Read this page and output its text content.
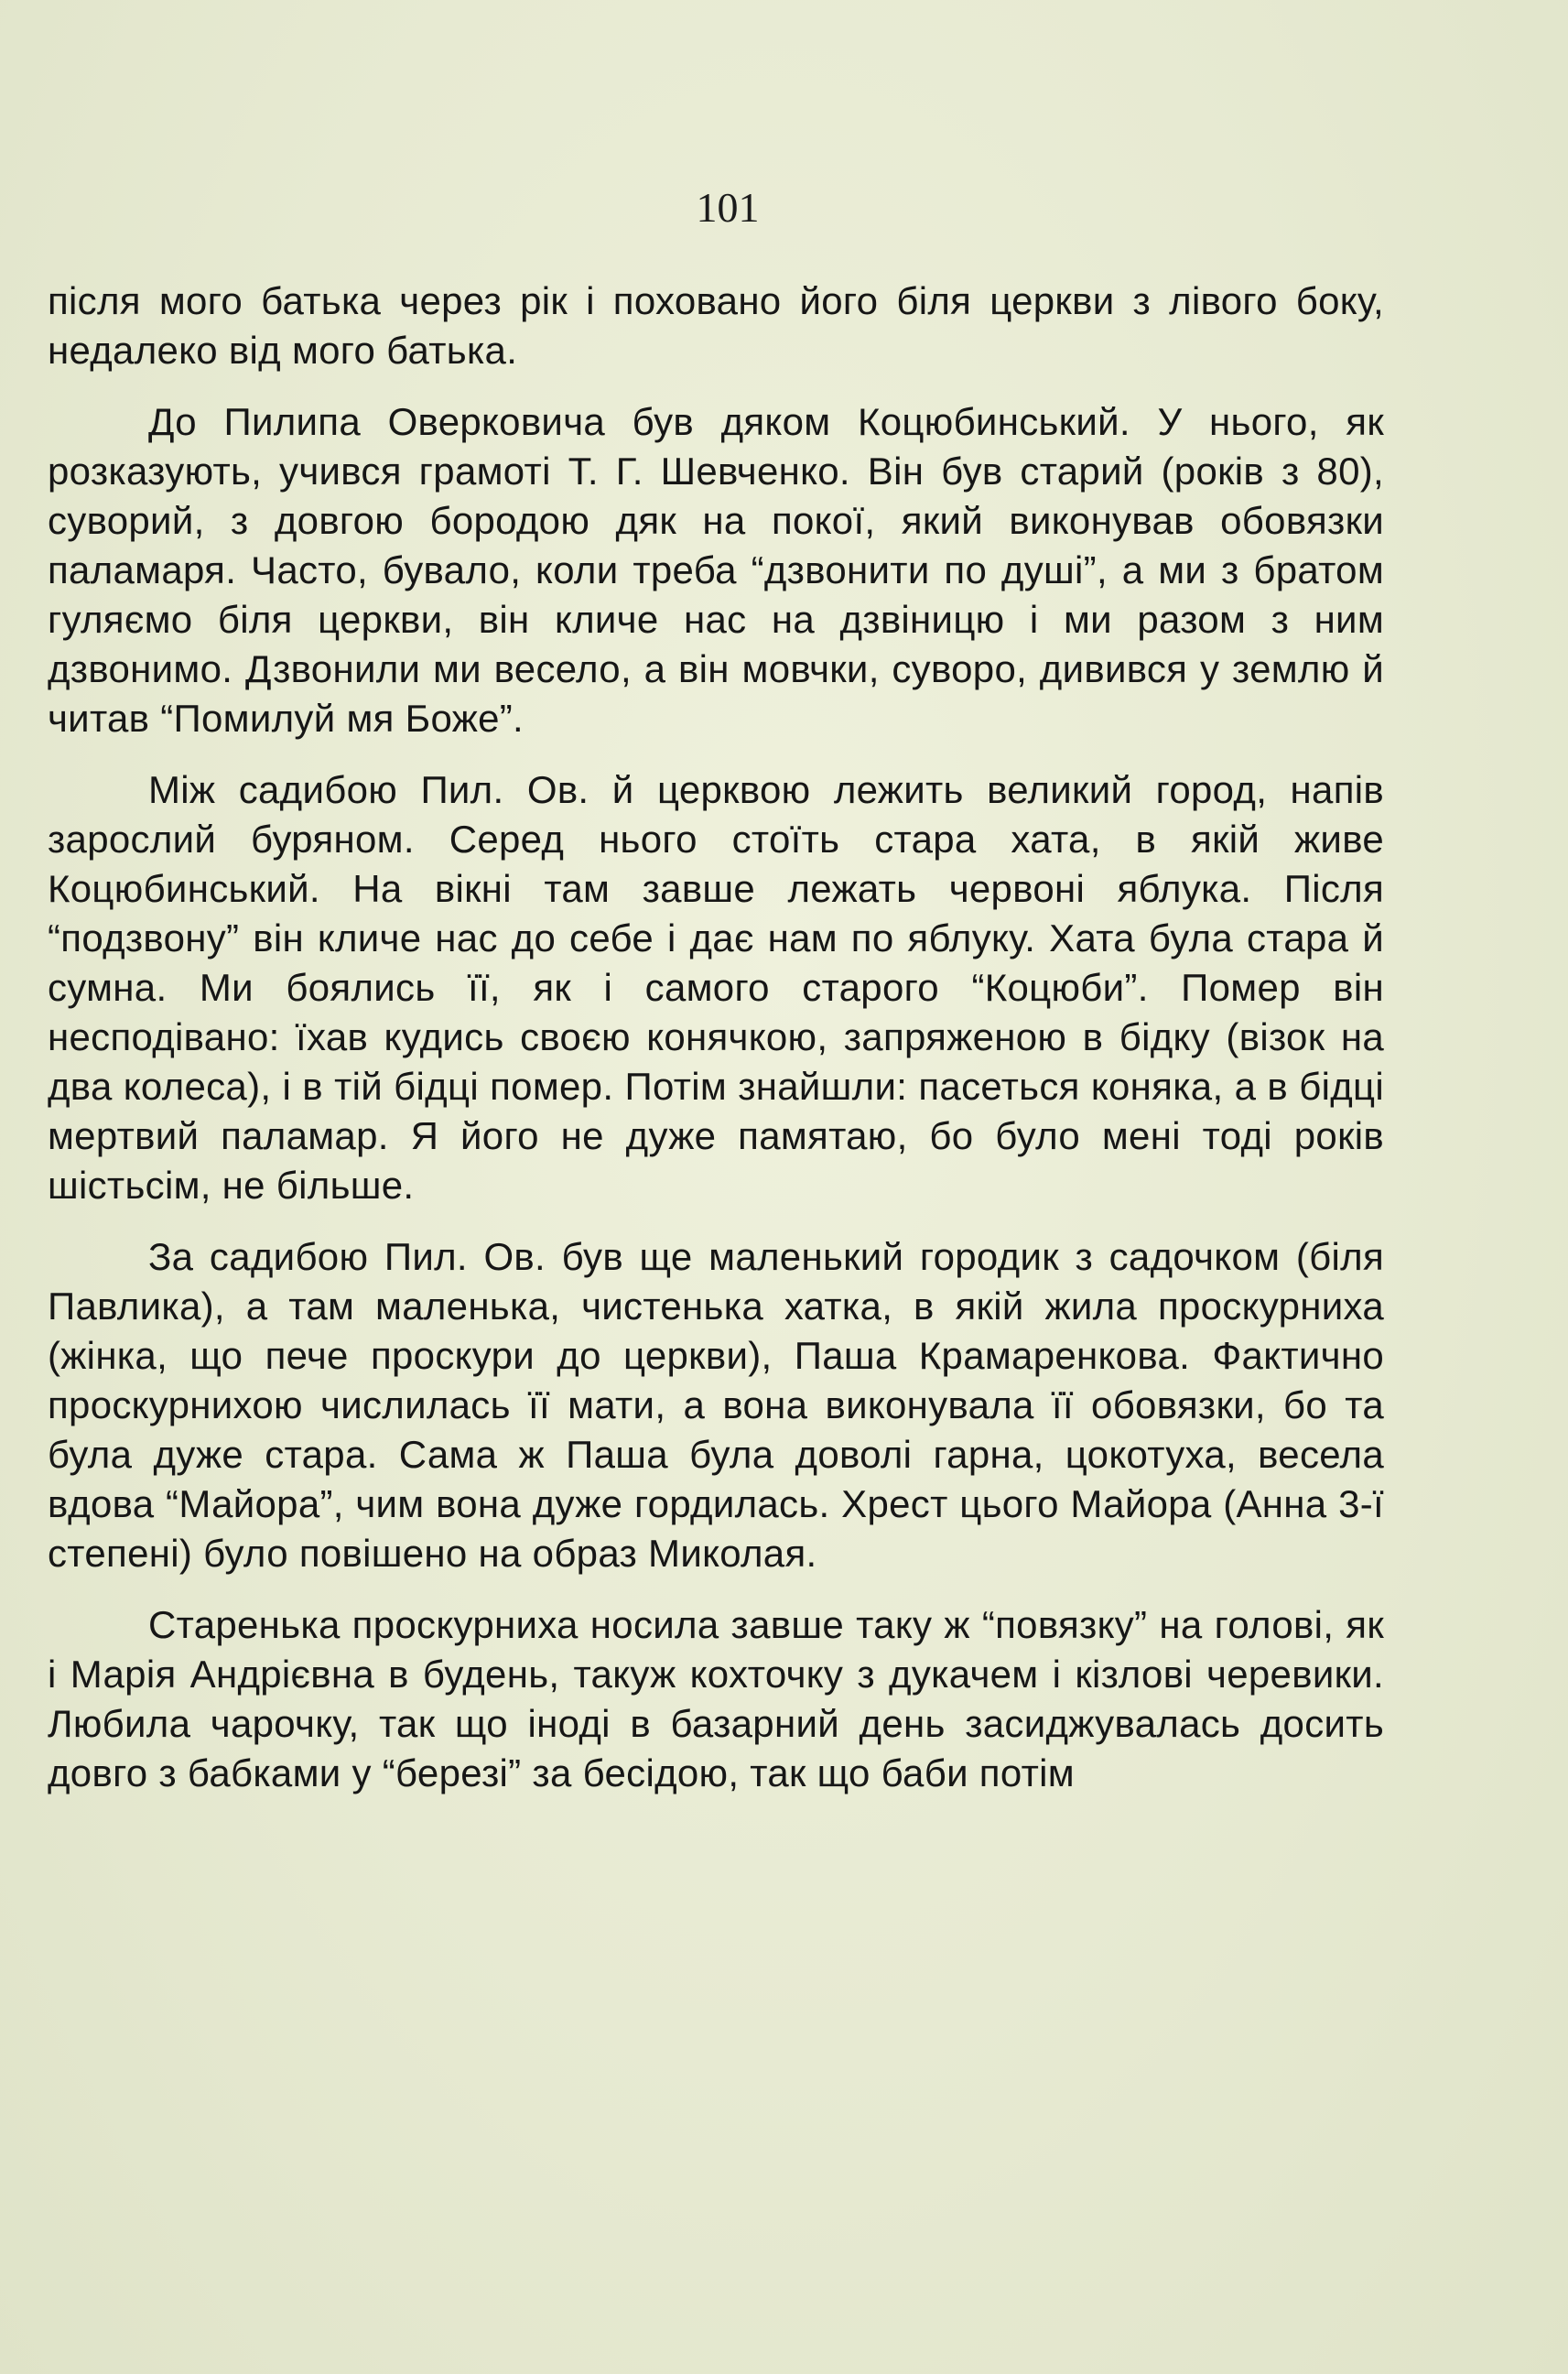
101

після мого батька через рік і поховано його біля церкви з лівого боку, недалеко від мого батька.

До Пилипа Оверковича був дяком Коцюбинський. У нього, як розказують, учився грамоті Т. Г. Шевченко. Він був старий (років з 80), суворий, з довгою бородою дяк на покої, який виконував обовязки паламаря. Часто, бувало, коли треба “дзвонити по душі”, а ми з братом гуляємо біля церкви, він кличе нас на дзвіницю і ми разом з ним дзвонимо. Дзвонили ми весело, а він мовчки, суворо, дивився у землю й читав “Помилуй мя Боже”.

Між садибою Пил. Ов. й церквою лежить великий город, напів зарослий буряном. Серед нього стоїть стара хата, в якій живе Коцюбинський. На вікні там завше лежать червоні яблука. Після “подзвону” він кличе нас до себе і дає нам по яблуку. Хата була стара й сумна. Ми боялись її, як і самого старого “Коцюби”. Помер він несподівано: їхав кудись своєю конячкою, запряженою в бідку (візок на два колеса), і в тій бідці помер. Потім знайшли: пасеться коняка, а в бідці мертвий паламар. Я його не дуже памятаю, бо було мені тоді років шістьсім, не більше.

За садибою Пил. Ов. був ще маленький городик з садочком (біля Павлика), а там маленька, чистенька хатка, в якій жила проскурниха (жінка, що пече проскури до церкви), Паша Крамаренкова. Фактично проскурнихою числилась її мати, а вона виконувала її обовязки, бо та була дуже стара. Сама ж Паша була доволі гарна, цокотуха, весела вдова “Майора”, чим вона дуже гордилась. Хрест цього Майора (Анна 3-ї степені) було повішено на образ Миколая.

Старенька проскурниха носила завше таку ж “повязку” на голові, як і Марія Андрієвна в будень, такуж кохточку з дукачем і кізлові черевики. Любила чарочку, так що іноді в базарний день засиджувалась досить довго з бабками у “березі” за бесідою, так що баби потім
